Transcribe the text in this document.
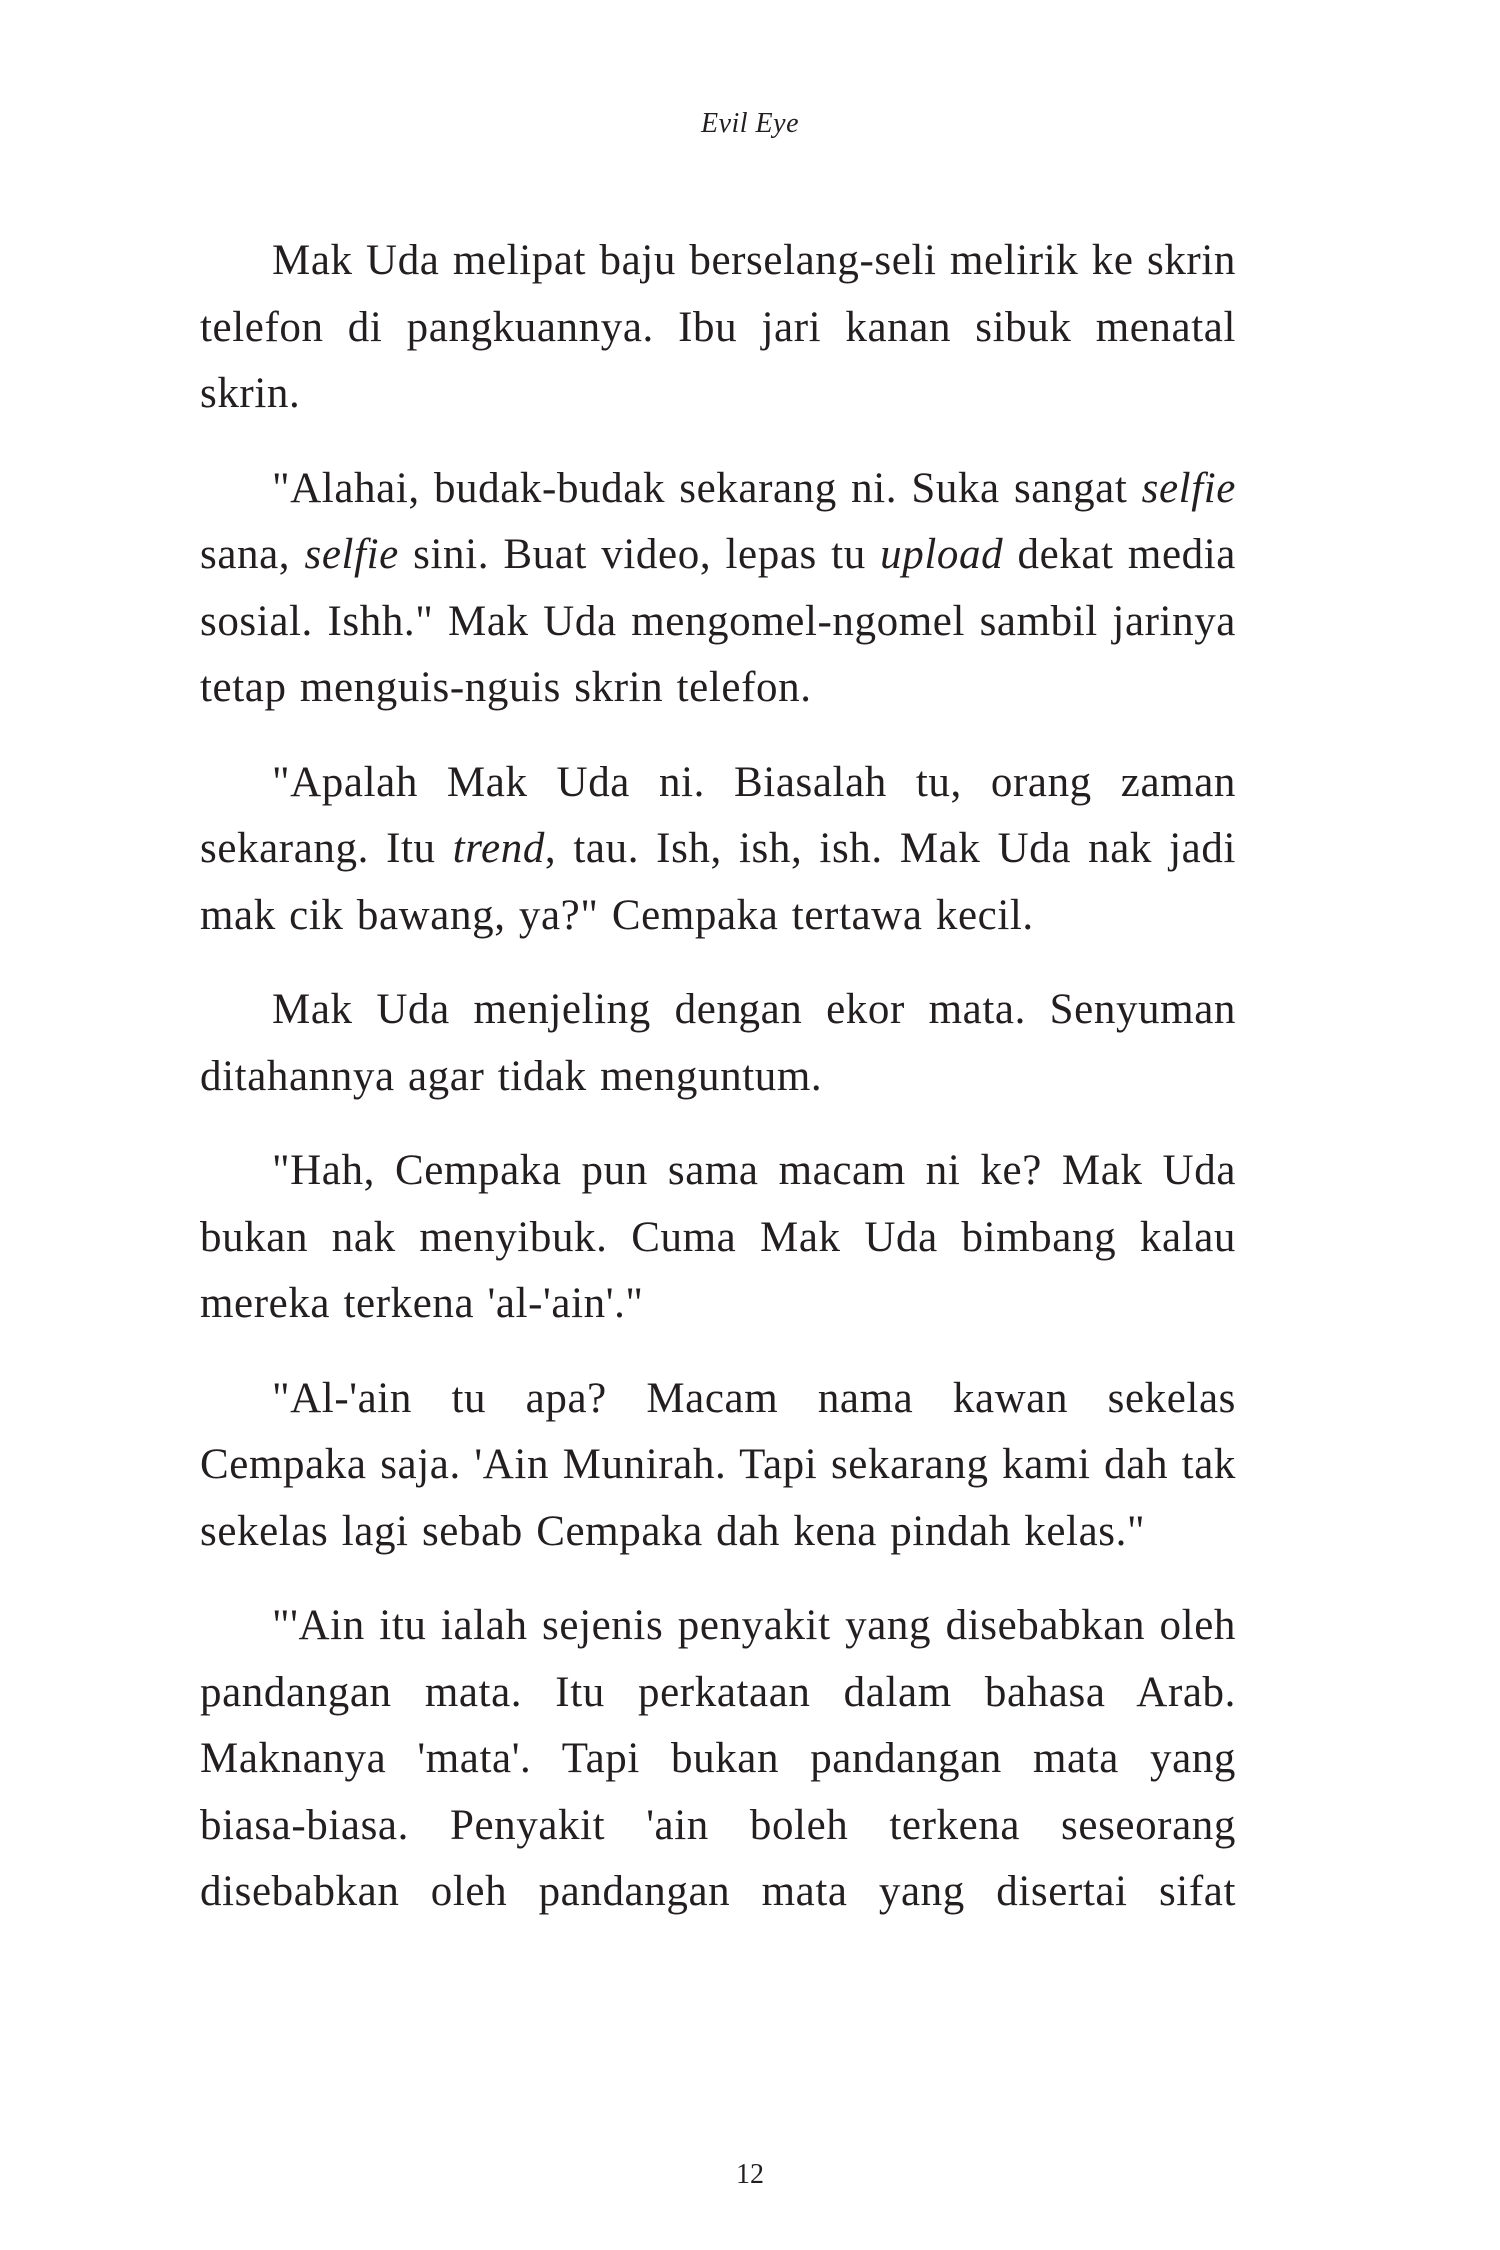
Evil Eye

Mak Uda melipat baju berselang-seli melirik ke skrin telefon di pangkuannya. Ibu jari kanan sibuk menatal skrin.

"Alahai, budak-budak sekarang ni. Suka sangat selfie sana, selfie sini. Buat video, lepas tu upload dekat media sosial. Ishh." Mak Uda mengomel-ngomel sambil jarinya tetap menguis-nguis skrin telefon.

"Apalah Mak Uda ni. Biasalah tu, orang zaman sekarang. Itu trend, tau. Ish, ish, ish. Mak Uda nak jadi mak cik bawang, ya?" Cempaka tertawa kecil.

Mak Uda menjeling dengan ekor mata. Senyuman ditahannya agar tidak menguntum.

"Hah, Cempaka pun sama macam ni ke? Mak Uda bukan nak menyibuk. Cuma Mak Uda bimbang kalau mereka terkena 'al-'ain'."

"Al-'ain tu apa? Macam nama kawan sekelas Cempaka saja. 'Ain Munirah. Tapi sekarang kami dah tak sekelas lagi sebab Cempaka dah kena pindah kelas."

"'Ain itu ialah sejenis penyakit yang disebabkan oleh pandangan mata. Itu perkataan dalam bahasa Arab. Maknanya 'mata'. Tapi bukan pandangan mata yang biasa-biasa. Penyakit 'ain boleh terkena seseorang disebabkan oleh pandangan mata yang disertai sifat

12
